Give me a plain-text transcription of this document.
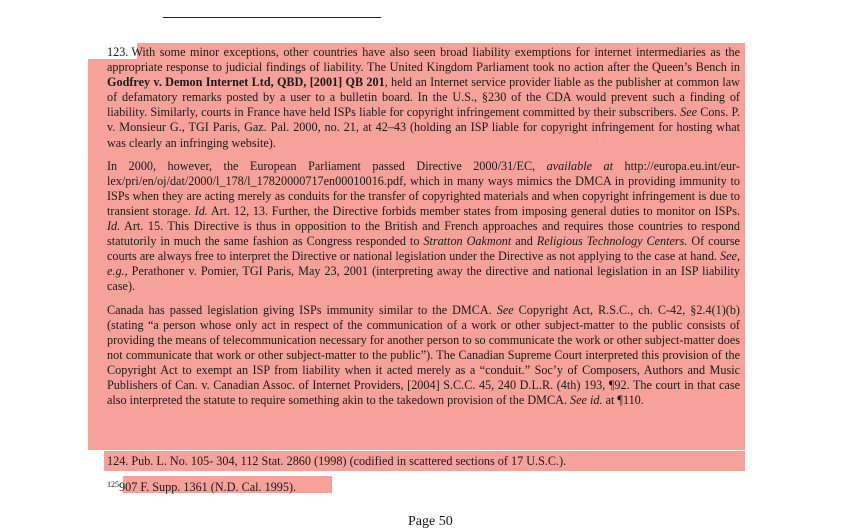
123. With some minor exceptions, other countries have also seen broad liability exemptions for internet intermediaries as the appropriate response to judicial findings of liability. The United Kingdom Parliament took no action after the Queen’s Bench in Godfrey v. Demon Internet Ltd, QBD, [2001] QB 201, held an Internet service provider liable as the publisher at common law of defamatory remarks posted by a user to a bulletin board. In the U.S., §230 of the CDA would prevent such a finding of liability. Similarly, courts in France have held ISPs liable for copyright infringement committed by their subscribers. See Cons. P. v. Monsieur G., TGI Paris, Gaz. Pal. 2000, no. 21, at 42–43 (holding an ISP liable for copyright infringement for hosting what was clearly an infringing website).

In 2000, however, the European Parliament passed Directive 2000/31/EC, available at http://europa.eu.int/eur-lex/pri/en/oj/dat/2000/l_178/l_17820000717en00010016.pdf, which in many ways mimics the DMCA in providing immunity to ISPs when they are acting merely as conduits for the transfer of copyrighted materials and when copyright infringement is due to transient storage. Id. Art. 12, 13. Further, the Directive forbids member states from imposing general duties to monitor on ISPs. Id. Art. 15. This Directive is thus in opposition to the British and French approaches and requires those countries to respond statutorily in much the same fashion as Congress responded to Stratton Oakmont and Religious Technology Centers. Of course courts are always free to interpret the Directive or national legislation under the Directive as not applying to the case at hand. See, e.g., Perathoner v. Pomier, TGI Paris, May 23, 2001 (interpreting away the directive and national legislation in an ISP liability case).

Canada has passed legislation giving ISPs immunity similar to the DMCA. See Copyright Act, R.S.C., ch. C-42, §2.4(1)(b) (stating “a person whose only act in respect of the communication of a work or other subject-matter to the public consists of providing the means of telecommunication necessary for another person to so communicate the work or other subject-matter does not communicate that work or other subject-matter to the public”). The Canadian Supreme Court interpreted this provision of the Copyright Act to exempt an ISP from liability when it acted merely as a “conduit.” Soc’y of Composers, Authors and Music Publishers of Can. v. Canadian Assoc. of Internet Providers, [2004] S.C.C. 45, 240 D.L.R. (4th) 193, ¶92. The court in that case also interpreted the statute to require something akin to the takedown provision of the DMCA. See id. at ¶110.

124. Pub. L. No. 105- 304, 112 Stat. 2860 (1998) (codified in scattered sections of 17 U.S.C.).

$^{125}$907 F. Supp. 1361 (N.D. Cal. 1995).

Page 50
